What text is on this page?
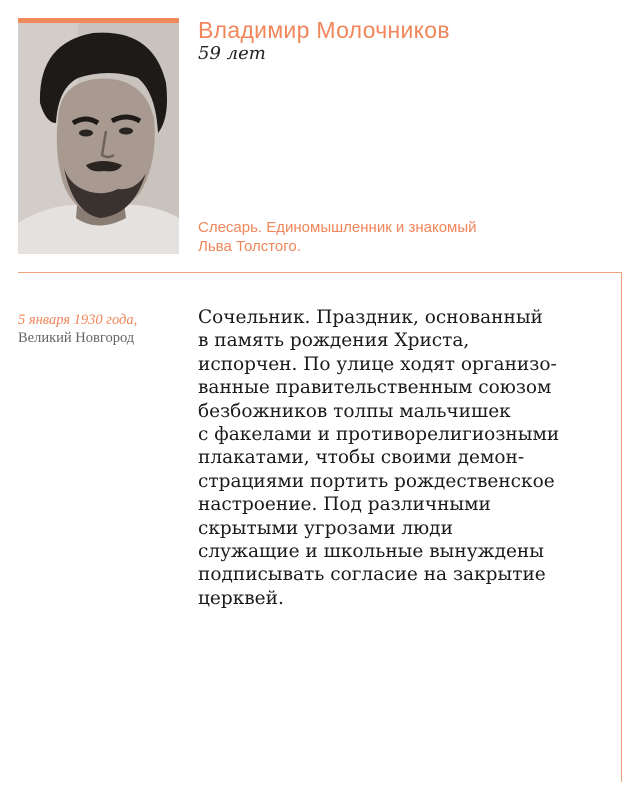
Владимир Молочников
59 лет
Слесарь. Единомышленник и знакомый
Льва Толстого.
5 января 1930 года,
Великий Новгород
Сочельник. Праздник, основанный
в память рождения Христа,
испорчен. По улице ходят организо-
ванные правительственным союзом
безбожников толпы мальчишек
с факелами и противорелигиозными
плакатами, чтобы своими демон-
страциями портить рождественское
настроение. Под различными
скрытыми угрозами люди
служащие и школьные вынуждены
подписывать согласие на закрытие
церквей.
